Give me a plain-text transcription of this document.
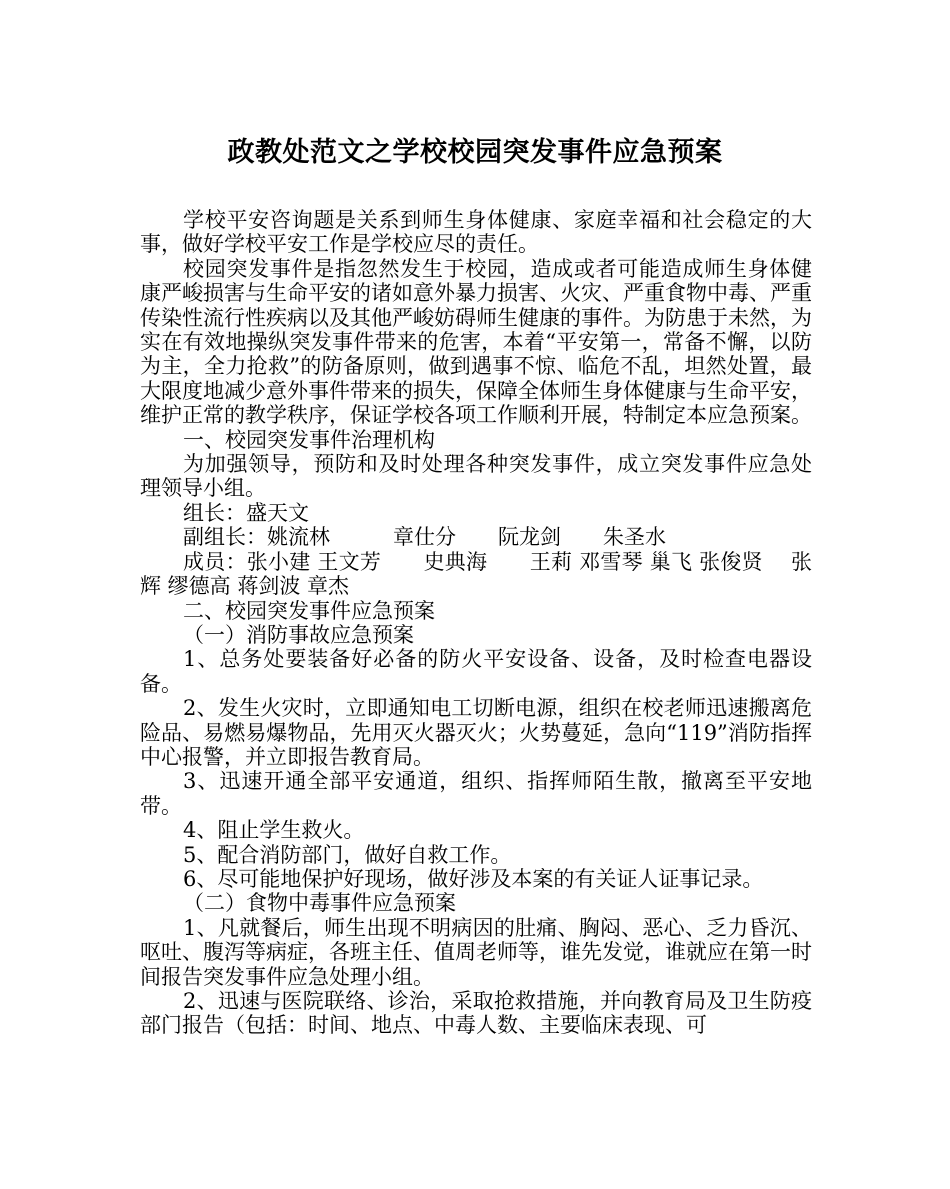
政教处范文之学校校园突发事件应急预案

学校平安咨询题是关系到师生身体健康、家庭幸福和社会稳定的大事，做好学校平安工作是学校应尽的责任。

校园突发事件是指忽然发生于校园，造成或者可能造成师生身体健康严峻损害与生命平安的诸如意外暴力损害、火灾、严重食物中毒、严重传染性流行性疾病以及其他严峻妨碍师生健康的事件。为防患于未然，为实在有效地操纵突发事件带来的危害，本着“平安第一，常备不懈，以防为主，全力抢救”的防备原则，做到遇事不惊、临危不乱，坦然处置，最大限度地减少意外事件带来的损失，保障全体师生身体健康与生命平安，维护正常的教学秩序，保证学校各项工作顺利开展，特制定本应急预案。

一、校园突发事件治理机构

为加强领导，预防和及时处理各种突发事件，成立突发事件应急处理领导小组。

组长：盛天文

副组长：姚流林　　　章仕分　　阮龙剑　　朱圣水

成员：张小建 王文芳　　史典海　　王莉 邓雪琴 巢飞 张俊贤　 张辉 缪德高 蒋剑波 章杰

二、校园突发事件应急预案

（一）消防事故应急预案

1、总务处要装备好必备的防火平安设备、设备，及时检查电器设备。

2、发生火灾时，立即通知电工切断电源，组织在校老师迅速搬离危险品、易燃易爆物品，先用灭火器灭火；火势蔓延，急向“119”消防指挥中心报警，并立即报告教育局。

3、迅速开通全部平安通道，组织、指挥师陌生散，撤离至平安地带。

4、阻止学生救火。

5、配合消防部门，做好自救工作。

6、尽可能地保护好现场，做好涉及本案的有关证人证事记录。

（二）食物中毒事件应急预案

1、凡就餐后，师生出现不明病因的肚痛、胸闷、恶心、乏力昏沉、呕吐、腹泻等病症，各班主任、值周老师等，谁先发觉，谁就应在第一时间报告突发事件应急处理小组。

2、迅速与医院联络、诊治，采取抢救措施，并向教育局及卫生防疫部门报告（包括：时间、地点、中毒人数、主要临床表现、可
